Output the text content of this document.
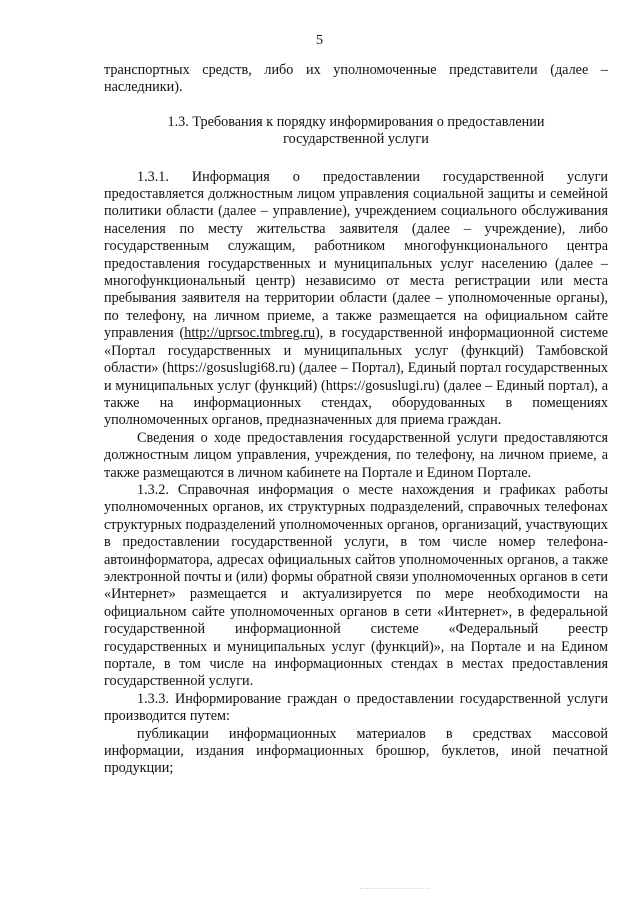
5

транспортных средств, либо их уполномоченные представители (далее – наследники).

1.3. Требования к порядку информирования о предоставлении государственной услуги

1.3.1. Информация о предоставлении государственной услуги предоставляется должностным лицом управления социальной защиты и семейной политики области (далее – управление), учреждением социального обслуживания населения по месту жительства заявителя (далее – учреждение), либо государственным служащим, работником многофункционального центра предоставления государственных и муниципальных услуг населению (далее – многофункциональный центр) независимо от места регистрации или места пребывания заявителя на территории области (далее – уполномоченные органы), по телефону, на личном приеме, а также размещается на официальном сайте управления (http://uprsoc.tmbreg.ru), в государственной информационной системе «Портал государственных и муниципальных услуг (функций) Тамбовской области» (https://gosuslugi68.ru) (далее – Портал), Единый портал государственных и муниципальных услуг (функций) (https://gosuslugi.ru) (далее – Единый портал), а также на информационных стендах, оборудованных в помещениях уполномоченных органов, предназначенных для приема граждан.

Сведения о ходе предоставления государственной услуги предоставляются должностным лицом управления, учреждения, по телефону, на личном приеме, а также размещаются в личном кабинете на Портале и Едином Портале.

1.3.2. Справочная информация о месте нахождения и графиках работы уполномоченных органов, их структурных подразделений, справочных телефонах структурных подразделений уполномоченных органов, организаций, участвующих в предоставлении государственной услуги, в том числе номер телефона-автоинформатора, адресах официальных сайтов уполномоченных органов, а также электронной почты и (или) формы обратной связи уполномоченных органов в сети «Интернет» размещается и актуализируется по мере необходимости на официальном сайте уполномоченных органов в сети «Интернет», в федеральной государственной информационной системе «Федеральный реестр государственных и муниципальных услуг (функций)», на Портале и на Едином портале, в том числе на информационных стендах в местах предоставления государственной услуги.

1.3.3. Информирование граждан о предоставлении государственной услуги производится путем:

публикации информационных материалов в средствах массовой информации, издания информационных брошюр, буклетов, иной печатной продукции;
